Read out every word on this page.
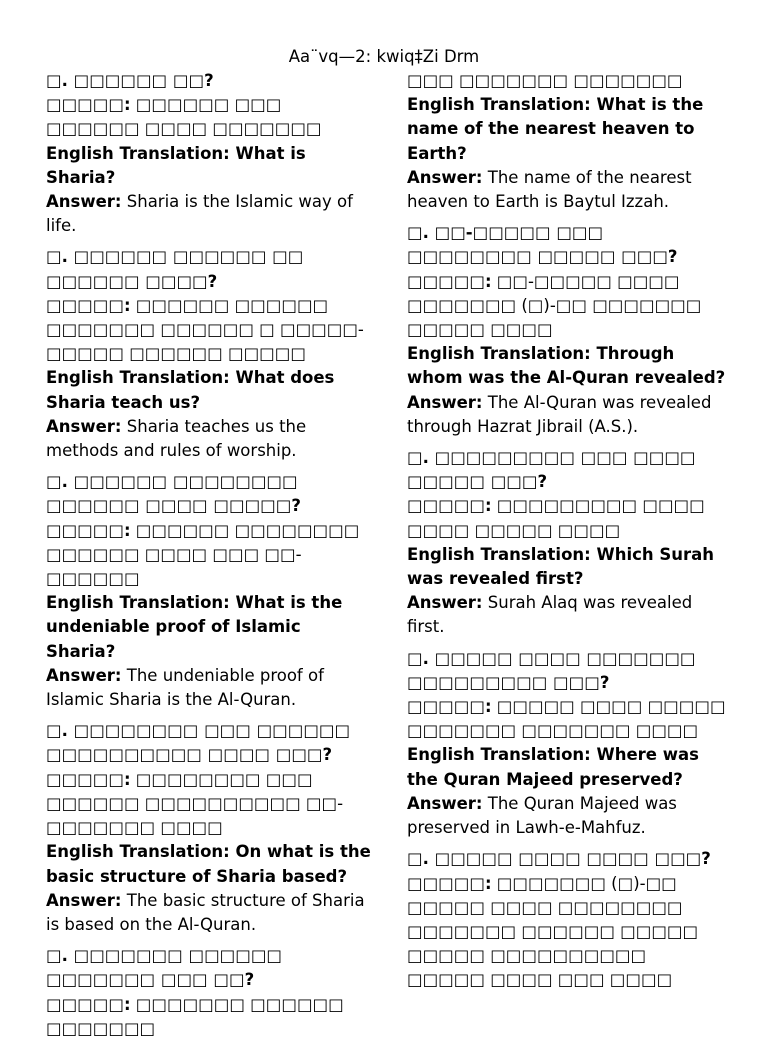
Aa¨vq—2: kwiq‡Zi Drm

□. □□□□□□ □□?

□□□□□: □□□□□□ □□□ □□□□□□ □□□□ □□□□□□□

English Translation: What is Sharia?

Answer: Sharia is the Islamic way of life.

□. □□□□□□ □□□□□□ □□ □□□□□□ □□□□?

□□□□□: □□□□□□ □□□□□□ □□□□□□□ □□□□□□ □ □□□□□-□□□□□ □□□□□□ □□□□□

English Translation: What does Sharia teach us?

Answer: Sharia teaches us the methods and rules of worship.

□. □□□□□□ □□□□□□□□ □□□□□□ □□□□ □□□□□?

□□□□□: □□□□□□ □□□□□□□□ □□□□□□ □□□□ □□□ □□-□□□□□□

English Translation: What is the undeniable proof of Islamic Sharia?

Answer: The undeniable proof of Islamic Sharia is the Al-Quran.

□. □□□□□□□□ □□□ □□□□□□ □□□□□□□□□□ □□□□ □□□?

□□□□□: □□□□□□□□ □□□ □□□□□□ □□□□□□□□□□ □□-□□□□□□□ □□□□

English Translation: On what is the basic structure of Sharia based?

Answer: The basic structure of Sharia is based on the Al-Quran.

□. □□□□□□□ □□□□□□ □□□□□□□ □□□ □□?

□□□□□: □□□□□□□ □□□□□□ □□□□□□□

□□□ □□□□□□□ □□□□□□□

English Translation: What is the name of the nearest heaven to Earth?

Answer: The name of the nearest heaven to Earth is Baytul Izzah.

□. □□-□□□□□ □□□ □□□□□□□□ □□□□□ □□□?

□□□□□: □□-□□□□□ □□□□ □□□□□□□ (□)-□□ □□□□□□□ □□□□□ □□□□

English Translation: Through whom was the Al-Quran revealed?

Answer: The Al-Quran was revealed through Hazrat Jibrail (A.S.).

□. □□□□□□□□□ □□□ □□□□ □□□□□ □□□?

□□□□□: □□□□□□□□□ □□□□ □□□□ □□□□□ □□□□

English Translation: Which Surah was revealed first?

Answer: Surah Alaq was revealed first.

□. □□□□□ □□□□ □□□□□□□ □□□□□□□□□ □□□?

□□□□□: □□□□□ □□□□ □□□□□ □□□□□□□ □□□□□□□ □□□□

English Translation: Where was the Quran Majeed preserved?

Answer: The Quran Majeed was preserved in Lawh-e-Mahfuz.

□. □□□□□ □□□□ □□□□ □□□?

□□□□□: □□□□□□□ (□)-□□ □□□□□ □□□□ □□□□□□□□ □□□□□□□ □□□□□□ □□□□□ □□□□□ □□□□□□□□□□ □□□□□ □□□□ □□□ □□□□
